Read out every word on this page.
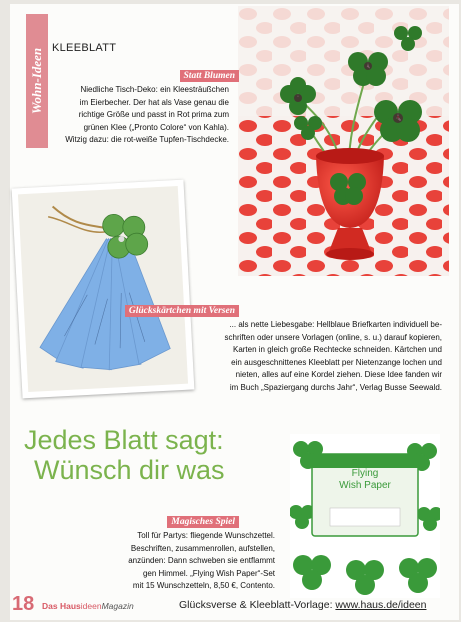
Wohn-Ideen KLEEBLATT
Statt Blumen
Niedliche Tisch-Deko: ein Kleesträußchen
im Eierbecher. Der hat als Vase genau die
richtige Größe und passt in Rot prima zum
grünen Klee („Pronto Colore“ von Kahla).
Witzig dazu: die rot-weiße Tupfen-Tischdecke.
Glückskärtchen mit Versen
... als nette Liebesgabe: Hellblaue Briefkarten individuell be-
schriften oder unsere Vorlagen (online, s. u.) darauf kopieren,
Karten in gleich große Rechtecke schneiden. Kärtchen und
ein ausgeschnittenes Kleeblatt per Nietenzange lochen und
nieten, alles auf eine Kordel ziehen. Diese Idee fanden wir
im Buch „Spaziergang durchs Jahr“, Verlag Busse Seewald.
Jedes Blatt sagt:
Wünsch dir was
Magisches Spiel
Toll für Partys: fliegende Wunschzettel.
Beschriften, zusammenrollen, aufstellen,
anzünden: Dann schweben sie entflammt
gen Himmel. „Flying Wish Paper“-Set
mit 15 Wunschzetteln, 8,50 €, Contento.
Flying
Wish Paper
18 Das HausideenMagazin	Glücksverse & Kleeblatt-Vorlage: www.haus.de/ideen
